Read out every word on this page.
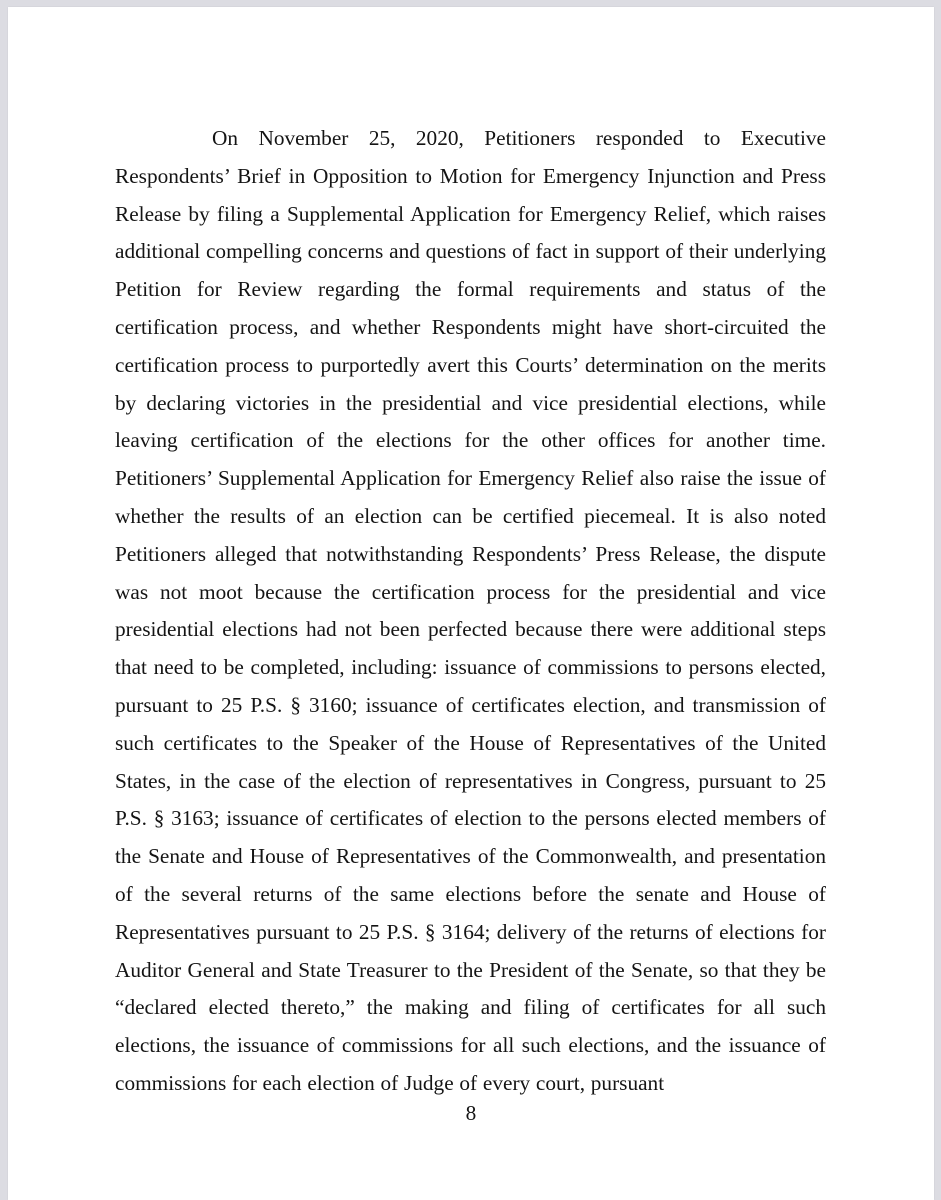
On November 25, 2020, Petitioners responded to Executive Respondents’ Brief in Opposition to Motion for Emergency Injunction and Press Release by filing a Supplemental Application for Emergency Relief, which raises additional compelling concerns and questions of fact in support of their underlying Petition for Review regarding the formal requirements and status of the certification process, and whether Respondents might have short-circuited the certification process to purportedly avert this Courts’ determination on the merits by declaring victories in the presidential and vice presidential elections, while leaving certification of the elections for the other offices for another time. Petitioners’ Supplemental Application for Emergency Relief also raise the issue of whether the results of an election can be certified piecemeal. It is also noted Petitioners alleged that notwithstanding Respondents’ Press Release, the dispute was not moot because the certification process for the presidential and vice presidential elections had not been perfected because there were additional steps that need to be completed, including: issuance of commissions to persons elected, pursuant to 25 P.S. § 3160; issuance of certificates election, and transmission of such certificates to the Speaker of the House of Representatives of the United States, in the case of the election of representatives in Congress, pursuant to 25 P.S. § 3163; issuance of certificates of election to the persons elected members of the Senate and House of Representatives of the Commonwealth, and presentation of the several returns of the same elections before the senate and House of Representatives pursuant to 25 P.S. § 3164; delivery of the returns of elections for Auditor General and State Treasurer to the President of the Senate, so that they be “declared elected thereto,” the making and filing of certificates for all such elections, the issuance of commissions for all such elections, and the issuance of commissions for each election of Judge of every court, pursuant

8
